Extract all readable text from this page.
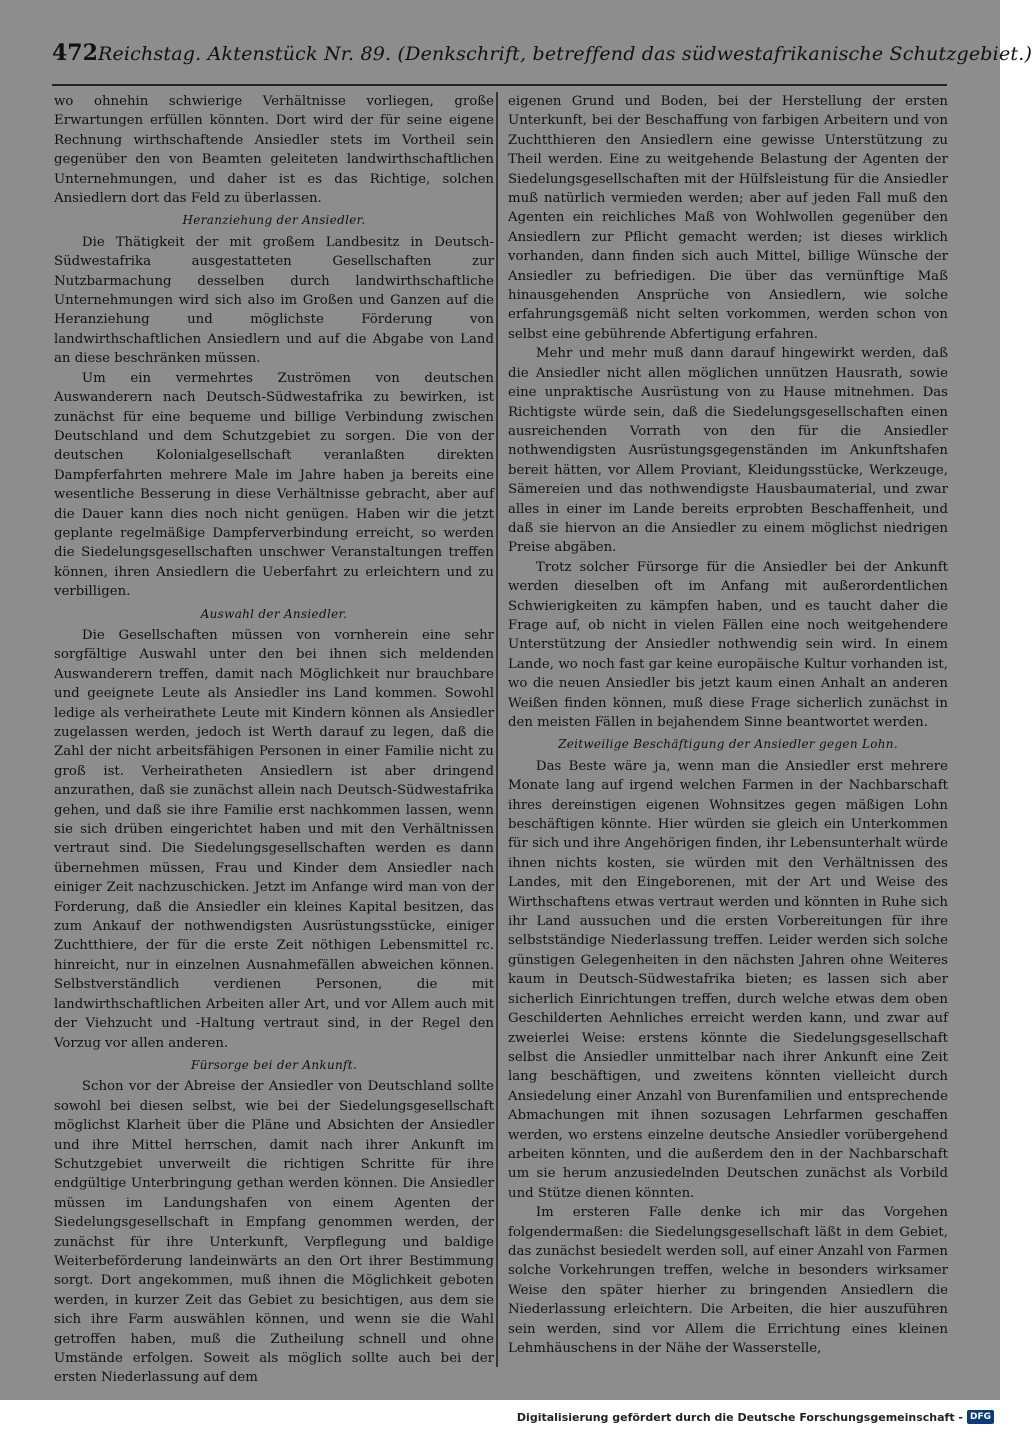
472 Reichstag. Aktenstück Nr. 89. (Denkschrift, betreffend das südwestafrikanische Schutzgebiet.)

wo ohnehin schwierige Verhältnisse vorliegen, große Erwartungen erfüllen könnten. Dort wird der für seine eigene Rechnung wirthschaftende Ansiedler stets im Vortheil sein gegenüber den von Beamten geleiteten landwirthschaftlichen Unternehmungen, und daher ist es das Richtige, solchen Ansiedlern dort das Feld zu überlassen.

Heranziehung der Ansiedler.

Die Thätigkeit der mit großem Landbesitz in Deutsch-Südwestafrika ausgestatteten Gesellschaften zur Nutzbarmachung desselben durch landwirthschaftliche Unternehmungen wird sich also im Großen und Ganzen auf die Heranziehung und möglichste Förderung von landwirthschaftlichen Ansiedlern und auf die Abgabe von Land an diese beschränken müssen.

Um ein vermehrtes Zuströmen von deutschen Auswanderern nach Deutsch-Südwestafrika zu bewirken, ist zunächst für eine bequeme und billige Verbindung zwischen Deutschland und dem Schutzgebiet zu sorgen. Die von der deutschen Kolonialgesellschaft veranlaßten direkten Dampferfahrten mehrere Male im Jahre haben ja bereits eine wesentliche Besserung in diese Verhältnisse gebracht, aber auf die Dauer kann dies noch nicht genügen. Haben wir die jetzt geplante regelmäßige Dampferverbindung erreicht, so werden die Siedelungsgesellschaften unschwer Veranstaltungen treffen können, ihren Ansiedlern die Ueberfahrt zu erleichtern und zu verbilligen.

Auswahl der Ansiedler.

Die Gesellschaften müssen von vornherein eine sehr sorgfältige Auswahl unter den bei ihnen sich meldenden Auswanderern treffen, damit nach Möglichkeit nur brauchbare und geeignete Leute als Ansiedler ins Land kommen. Sowohl ledige als verheirathete Leute mit Kindern können als Ansiedler zugelassen werden, jedoch ist Werth darauf zu legen, daß die Zahl der nicht arbeitsfähigen Personen in einer Familie nicht zu groß ist. Verheiratheten Ansiedlern ist aber dringend anzurathen, daß sie zunächst allein nach Deutsch-Südwestafrika gehen, und daß sie ihre Familie erst nachkommen lassen, wenn sie sich drüben eingerichtet haben und mit den Verhältnissen vertraut sind. Die Siedelungsgesellschaften werden es dann übernehmen müssen, Frau und Kinder dem Ansiedler nach einiger Zeit nachzuschicken. Jetzt im Anfange wird man von der Forderung, daß die Ansiedler ein kleines Kapital besitzen, das zum Ankauf der nothwendigsten Ausrüstungsstücke, einiger Zuchtthiere, der für die erste Zeit nöthigen Lebensmittel rc. hinreicht, nur in einzelnen Ausnahmefällen abweichen können. Selbstverständlich verdienen Personen, die mit landwirthschaftlichen Arbeiten aller Art, und vor Allem auch mit der Viehzucht und -Haltung vertraut sind, in der Regel den Vorzug vor allen anderen.

Fürsorge bei der Ankunft.

Schon vor der Abreise der Ansiedler von Deutschland sollte sowohl bei diesen selbst, wie bei der Siedelungsgesellschaft möglichst Klarheit über die Pläne und Absichten der Ansiedler und ihre Mittel herrschen, damit nach ihrer Ankunft im Schutzgebiet unverweilt die richtigen Schritte für ihre endgültige Unterbringung gethan werden können. Die Ansiedler müssen im Landungshafen von einem Agenten der Siedelungsgesellschaft in Empfang genommen werden, der zunächst für ihre Unterkunft, Verpflegung und baldige Weiterbeförderung landeinwärts an den Ort ihrer Bestimmung sorgt. Dort angekommen, muß ihnen die Möglichkeit geboten werden, in kurzer Zeit das Gebiet zu besichtigen, aus dem sie sich ihre Farm auswählen können, und wenn sie die Wahl getroffen haben, muß die Zutheilung schnell und ohne Umstände erfolgen. Soweit als möglich sollte auch bei der ersten Niederlassung auf dem

eigenen Grund und Boden, bei der Herstellung der ersten Unterkunft, bei der Beschaffung von farbigen Arbeitern und von Zuchtthieren den Ansiedlern eine gewisse Unterstützung zu Theil werden. Eine zu weitgehende Belastung der Agenten der Siedelungsgesellschaften mit der Hülfsleistung für die Ansiedler muß natürlich vermieden werden; aber auf jeden Fall muß den Agenten ein reichliches Maß von Wohlwollen gegenüber den Ansiedlern zur Pflicht gemacht werden; ist dieses wirklich vorhanden, dann finden sich auch Mittel, billige Wünsche der Ansiedler zu befriedigen. Die über das vernünftige Maß hinausgehenden Ansprüche von Ansiedlern, wie solche erfahrungsgemäß nicht selten vorkommen, werden schon von selbst eine gebührende Abfertigung erfahren.

Mehr und mehr muß dann darauf hingewirkt werden, daß die Ansiedler nicht allen möglichen unnützen Hausrath, sowie eine unpraktische Ausrüstung von zu Hause mitnehmen. Das Richtigste würde sein, daß die Siedelungsgesellschaften einen ausreichenden Vorrath von den für die Ansiedler nothwendigsten Ausrüstungsgegenständen im Ankunftshafen bereit hätten, vor Allem Proviant, Kleidungsstücke, Werkzeuge, Sämereien und das nothwendigste Hausbaumaterial, und zwar alles in einer im Lande bereits erprobten Beschaffenheit, und daß sie hiervon an die Ansiedler zu einem möglichst niedrigen Preise abgäben.

Trotz solcher Fürsorge für die Ansiedler bei der Ankunft werden dieselben oft im Anfang mit außerordentlichen Schwierigkeiten zu kämpfen haben, und es taucht daher die Frage auf, ob nicht in vielen Fällen eine noch weitgehendere Unterstützung der Ansiedler nothwendig sein wird. In einem Lande, wo noch fast gar keine europäische Kultur vorhanden ist, wo die neuen Ansiedler bis jetzt kaum einen Anhalt an anderen Weißen finden können, muß diese Frage sicherlich zunächst in den meisten Fällen in bejahendem Sinne beantwortet werden.

Zeitweilige Beschäftigung der Ansiedler gegen Lohn.

Das Beste wäre ja, wenn man die Ansiedler erst mehrere Monate lang auf irgend welchen Farmen in der Nachbarschaft ihres dereinstigen eigenen Wohnsitzes gegen mäßigen Lohn beschäftigen könnte. Hier würden sie gleich ein Unterkommen für sich und ihre Angehörigen finden, ihr Lebensunterhalt würde ihnen nichts kosten, sie würden mit den Verhältnissen des Landes, mit den Eingeborenen, mit der Art und Weise des Wirthschaftens etwas vertraut werden und könnten in Ruhe sich ihr Land aussuchen und die ersten Vorbereitungen für ihre selbstständige Niederlassung treffen. Leider werden sich solche günstigen Gelegenheiten in den nächsten Jahren ohne Weiteres kaum in Deutsch-Südwestafrika bieten; es lassen sich aber sicherlich Einrichtungen treffen, durch welche etwas dem oben Geschilderten Aehnliches erreicht werden kann, und zwar auf zweierlei Weise: erstens könnte die Siedelungsgesellschaft selbst die Ansiedler unmittelbar nach ihrer Ankunft eine Zeit lang beschäftigen, und zweitens könnten vielleicht durch Ansiedelung einer Anzahl von Burenfamilien und entsprechende Abmachungen mit ihnen sozusagen Lehrfarmen geschaffen werden, wo erstens einzelne deutsche Ansiedler vorübergehend arbeiten könnten, und die außerdem den in der Nachbarschaft um sie herum anzusiedelnden Deutschen zunächst als Vorbild und Stütze dienen könnten.

Im ersteren Falle denke ich mir das Vorgehen folgendermaßen: die Siedelungsgesellschaft läßt in dem Gebiet, das zunächst besiedelt werden soll, auf einer Anzahl von Farmen solche Vorkehrungen treffen, welche in besonders wirksamer Weise den später hierher zu bringenden Ansiedlern die Niederlassung erleichtern. Die Arbeiten, die hier auszuführen sein werden, sind vor Allem die Errichtung eines kleinen Lehmhäuschens in der Nähe der Wasserstelle,

Digitalisierung gefördert durch die Deutsche Forschungsgemeinschaft - DFG
